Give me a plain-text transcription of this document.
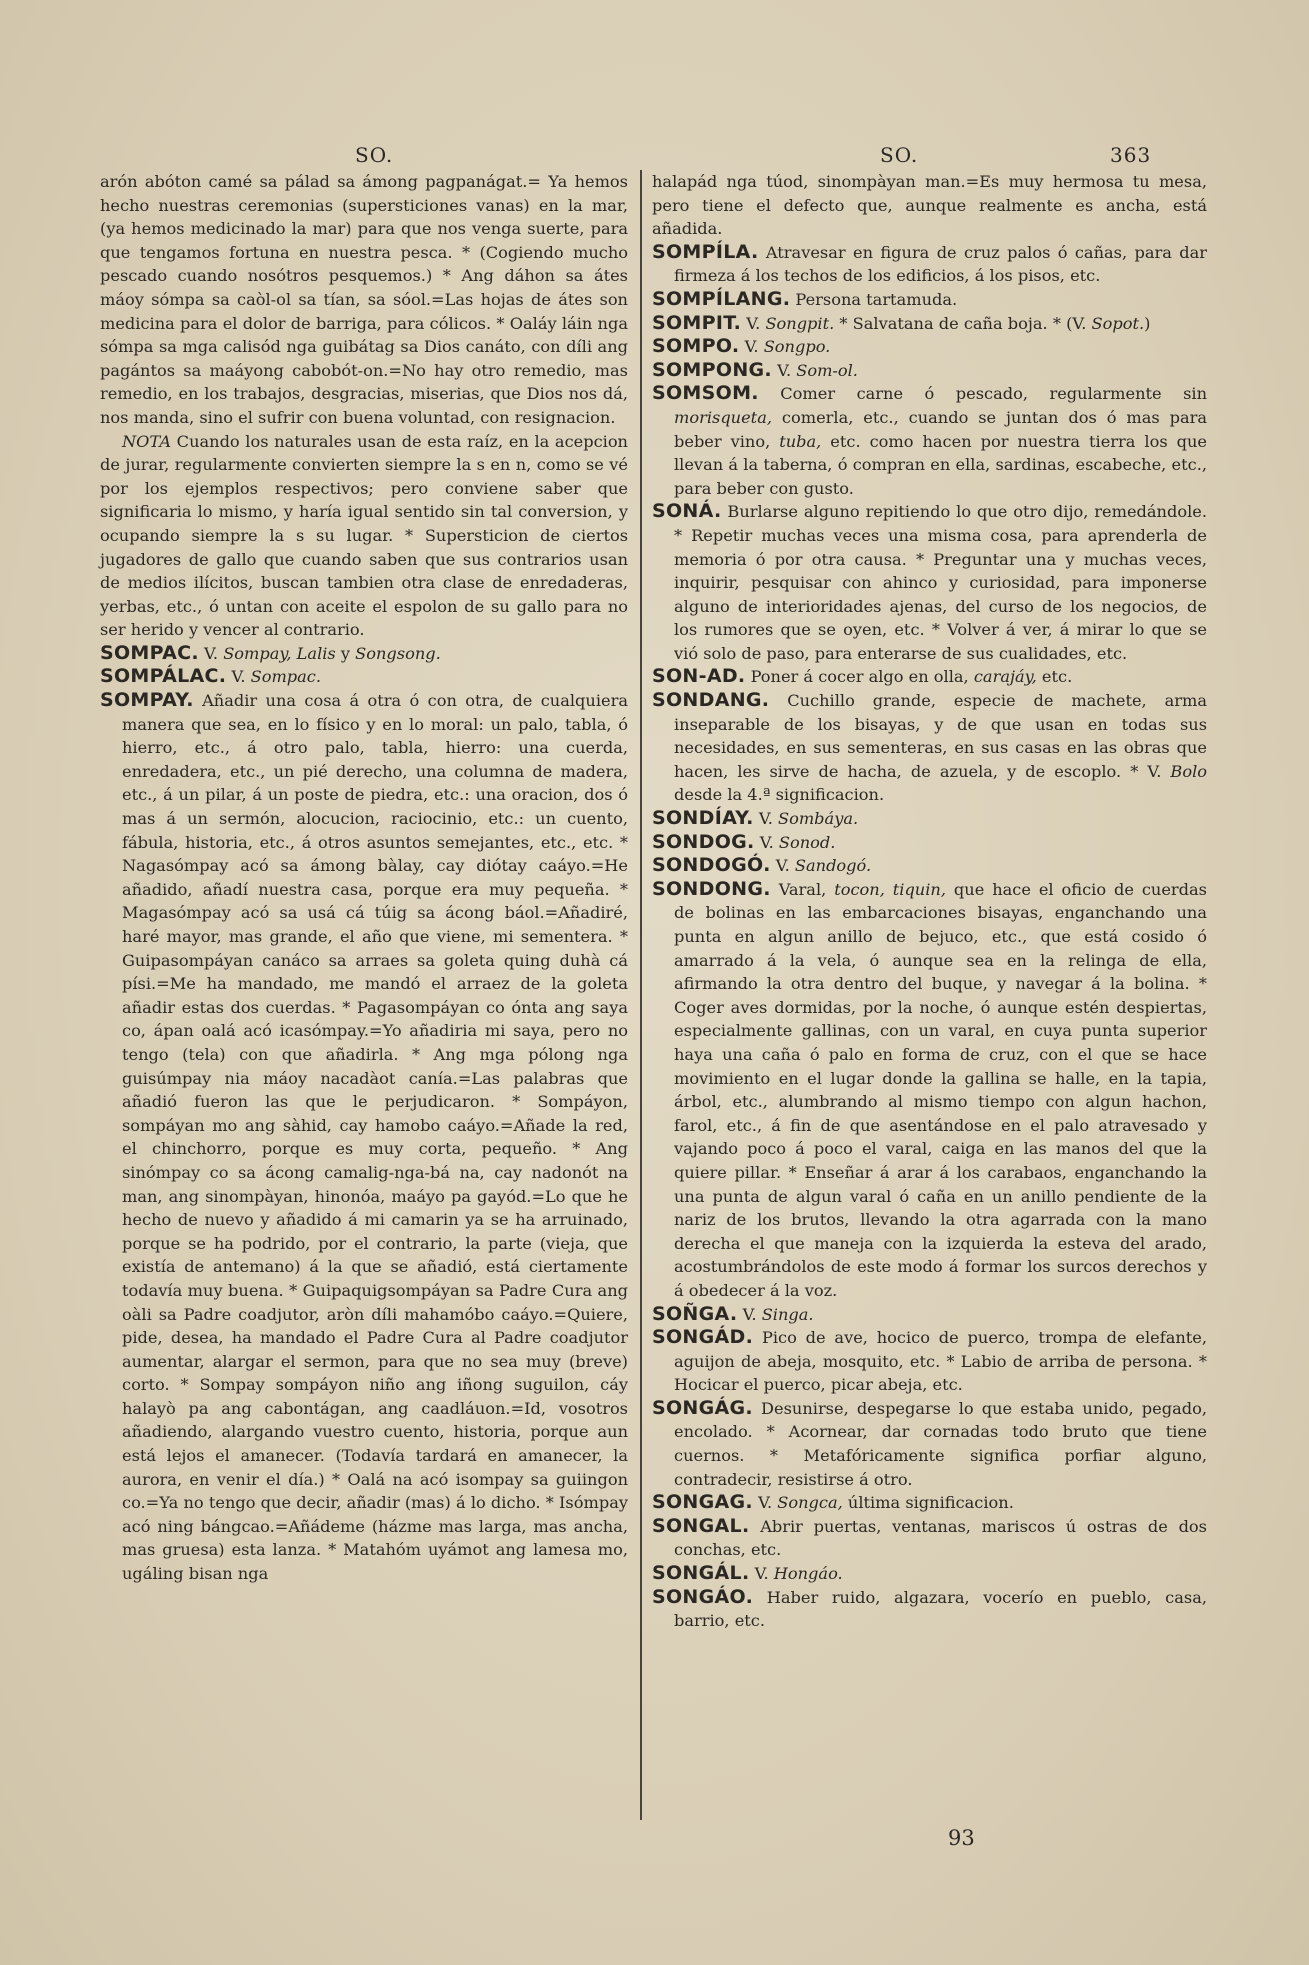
SO.	SO.	363

arón abóton camé sa pálad sa ámong pagpanágat.= Ya hemos hecho nuestras ceremonias (supersticiones vanas) en la mar, (ya hemos medicinado la mar) para que nos venga suerte, para que tengamos fortuna en nuestra pesca. * (Cogiendo mucho pescado cuando nosótros pesquemos.) * Ang dáhon sa átes máoy sómpa sa caòl-ol sa tían, sa sóol.=Las hojas de átes son medicina para el dolor de barriga, para cólicos. * Oaláy láin nga sómpa sa mga calisód nga guibátag sa Dios canáto, con díli ang pagántos sa maáyong cabobót-on.=No hay otro remedio, mas remedio, en los trabajos, desgracias, miserias, que Dios nos dá, nos manda, sino el sufrir con buena voluntad, con resignacion.

NOTA Cuando los naturales usan de esta raíz, en la acepcion de jurar, regularmente convierten siempre la s en n, como se vé por los ejemplos respectivos; pero conviene saber que significaria lo mismo, y haría igual sentido sin tal conversion, y ocupando siempre la s su lugar. * Supersticion de ciertos jugadores de gallo que cuando saben que sus contrarios usan de medios ilícitos, buscan tambien otra clase de enredaderas, yerbas, etc., ó untan con aceite el espolon de su gallo para no ser herido y vencer al contrario.

SOMPAC. V. Sompay, Lalis y Songsong.

SOMPÁLAC. V. Sompac.

SOMPAY. Añadir una cosa á otra ó con otra, de cualquiera manera que sea, en lo físico y en lo moral: un palo, tabla, ó hierro, etc., á otro palo, tabla, hierro: una cuerda, enredadera, etc., un pié derecho, una columna de madera, etc., á un pilar, á un poste de piedra, etc.: una oracion, dos ó mas á un sermón, alocucion, raciocinio, etc.: un cuento, fábula, historia, etc., á otros asuntos semejantes, etc., etc. * Nagasómpay acó sa ámong bàlay, cay diótay caáyo.=He añadido, añadí nuestra casa, porque era muy pequeña. * Magasómpay acó sa usá cá túig sa ácong báol.=Añadiré, haré mayor, mas grande, el año que viene, mi sementera. * Guipasompáyan canáco sa arraes sa goleta quing duhà cá písi.=Me ha mandado, me mandó el arraez de la goleta añadir estas dos cuerdas. * Pagasompáyan co ónta ang saya co, ápan oalá acó icasómpay.=Yo añadiria mi saya, pero no tengo (tela) con que añadirla. * Ang mga pólong nga guisúmpay nia máoy nacadàot canía.=Las palabras que añadió fueron las que le perjudicaron. * Sompáyon, sompáyan mo ang sàhid, cay hamobo caáyo.=Añade la red, el chinchorro, porque es muy corta, pequeño. * Ang sinómpay co sa ácong camalig-nga-bá na, cay nadonót na man, ang sinompàyan, hinonóa, maáyo pa gayód.=Lo que he hecho de nuevo y añadido á mi camarin ya se ha arruinado, porque se ha podrido, por el contrario, la parte (vieja, que existía de antemano) á la que se añadió, está ciertamente todavía muy buena. * Guipaquigsompáyan sa Padre Cura ang oàli sa Padre coadjutor, aròn díli mahamóbo caáyo.=Quiere, pide, desea, ha mandado el Padre Cura al Padre coadjutor aumentar, alargar el sermon, para que no sea muy (breve) corto. * Sompay sompáyon niño ang iñong suguilon, cáy halayò pa ang cabontágan, ang caadláuon.=Id, vosotros añadiendo, alargando vuestro cuento, historia, porque aun está lejos el amanecer. (Todavía tardará en amanecer, la aurora, en venir el día.) * Oalá na acó isompay sa guiingon co.=Ya no tengo que decir, añadir (mas) á lo dicho. * Isómpay acó ning bángcao.=Añádeme (házme mas larga, mas ancha, mas gruesa) esta lanza. * Matahóm uyámot ang lamesa mo, ugáling bisan nga

halapád nga túod, sinompàyan man.=Es muy hermosa tu mesa, pero tiene el defecto que, aunque realmente es ancha, está añadida.

SOMPÍLA. Atravesar en figura de cruz palos ó cañas, para dar firmeza á los techos de los edificios, á los pisos, etc.

SOMPÍLANG. Persona tartamuda.

SOMPIT. V. Songpit. * Salvatana de caña boja. * (V. Sopot.)

SOMPO. V. Songpo.

SOMPONG. V. Som-ol.

SOMSOM. Comer carne ó pescado, regularmente sin morisqueta, comerla, etc., cuando se juntan dos ó mas para beber vino, tuba, etc. como hacen por nuestra tierra los que llevan á la taberna, ó compran en ella, sardinas, escabeche, etc., para beber con gusto.

SONÁ. Burlarse alguno repitiendo lo que otro dijo, remedándole. * Repetir muchas veces una misma cosa, para aprenderla de memoria ó por otra causa. * Preguntar una y muchas veces, inquirir, pesquisar con ahinco y curiosidad, para imponerse alguno de interioridades ajenas, del curso de los negocios, de los rumores que se oyen, etc. * Volver á ver, á mirar lo que se vió solo de paso, para enterarse de sus cualidades, etc.

SON-AD. Poner á cocer algo en olla, carajáy, etc.

SONDANG. Cuchillo grande, especie de machete, arma inseparable de los bisayas, y de que usan en todas sus necesidades, en sus sementeras, en sus casas en las obras que hacen, les sirve de hacha, de azuela, y de escoplo. * V. Bolo desde la 4.ª significacion.

SONDÍAY. V. Sombáya.

SONDOG. V. Sonod.

SONDOGÓ. V. Sandogó.

SONDONG. Varal, tocon, tiquin, que hace el oficio de cuerdas de bolinas en las embarcaciones bisayas, enganchando una punta en algun anillo de bejuco, etc., que está cosido ó amarrado á la vela, ó aunque sea en la relinga de ella, afirmando la otra dentro del buque, y navegar á la bolina. * Coger aves dormidas, por la noche, ó aunque estén despiertas, especialmente gallinas, con un varal, en cuya punta superior haya una caña ó palo en forma de cruz, con el que se hace movimiento en el lugar donde la gallina se halle, en la tapia, árbol, etc., alumbrando al mismo tiempo con algun hachon, farol, etc., á fin de que asentándose en el palo atravesado y vajando poco á poco el varal, caiga en las manos del que la quiere pillar. * Enseñar á arar á los carabaos, enganchando la una punta de algun varal ó caña en un anillo pendiente de la nariz de los brutos, llevando la otra agarrada con la mano derecha el que maneja con la izquierda la esteva del arado, acostumbrándolos de este modo á formar los surcos derechos y á obedecer á la voz.

SOÑGA. V. Singa.

SONGÁD. Pico de ave, hocico de puerco, trompa de elefante, aguijon de abeja, mosquito, etc. * Labio de arriba de persona. * Hocicar el puerco, picar abeja, etc.

SONGÁG. Desunirse, despegarse lo que estaba unido, pegado, encolado. * Acornear, dar cornadas todo bruto que tiene cuernos. * Metafóricamente significa porfiar alguno, contradecir, resistirse á otro.

SONGAG. V. Songca, última significacion.

SONGAL. Abrir puertas, ventanas, mariscos ú ostras de dos conchas, etc.

SONGÁL. V. Hongáo.

SONGÁO. Haber ruido, algazara, vocerío en pueblo, casa, barrio, etc.

93
